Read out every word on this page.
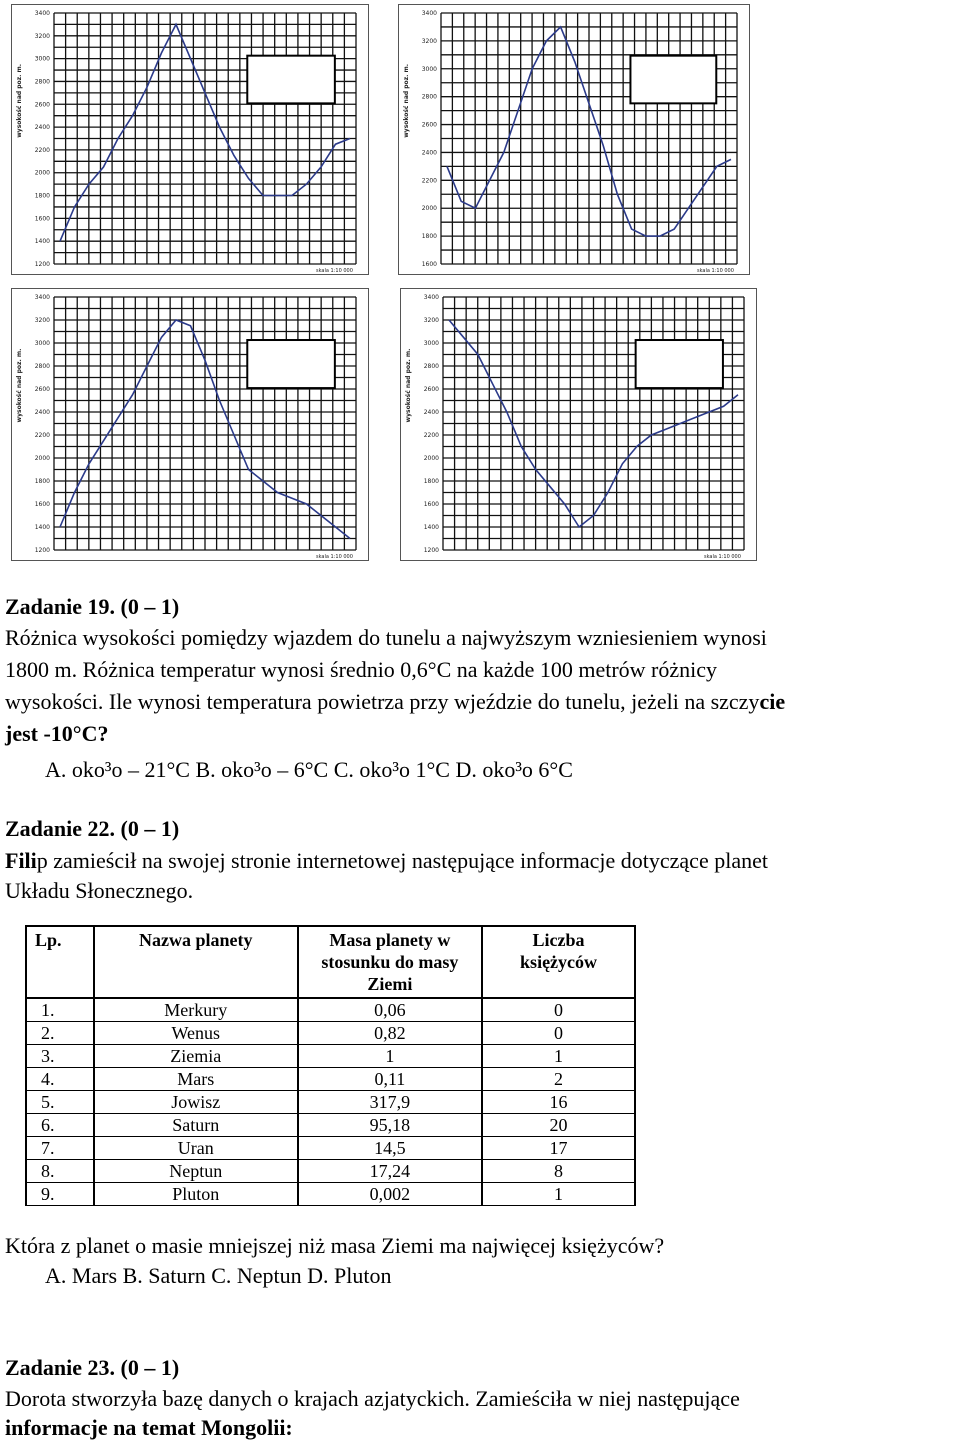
3400
3200
3000
2800
2600
2400
2200
2000
1800
1600
1400
1200
wysokość nad poz. m.
skala 1:10 000
3400
3200
3000
2800
2600
2400
2200
2000
1800
1600
wysokość nad poz. m.
skala 1:10 000
3400
3200
3000
2800
2600
2400
2200
2000
1800
1600
1400
1200
wysokość nad poz. m.
skala 1:10 000
3400
3200
3000
2800
2600
2400
2200
2000
1800
1600
1400
1200
wysokość nad poz. m.
skala 1:10 000
Zadanie 19. (0 – 1)
Różnica wysokości pomiędzy wjazdem do tunelu a najwyższym wzniesieniem wynosi
1800 m. Różnica temperatur wynosi średnio 0,6°C na każde 100 metrów różnicy
wysokości. Ile wynosi temperatura powietrza przy wjeździe do tunelu, jeżeli na szczycie
jest -10°C?
A. oko³o – 21°C B. oko³o – 6°C C. oko³o 1°C D. oko³o 6°C
Zadanie 22. (0 – 1)
Filip zamieścił na swojej stronie internetowej następujące informacje dotyczące planet
Układu Słonecznego.
Lp.	Nazwa planety	Masa planety w stosunku do masy Ziemi	Liczba księżyców
1.	Merkury	0,06	0
2.	Wenus	0,82	0
3.	Ziemia	1	1
4.	Mars	0,11	2
5.	Jowisz	317,9	16
6.	Saturn	95,18	20
7.	Uran	14,5	17
8.	Neptun	17,24	8
9.	Pluton	0,002	1
Która z planet o masie mniejszej niż masa Ziemi ma najwięcej księżyców?
A. Mars B. Saturn C. Neptun D. Pluton
Zadanie 23. (0 – 1)
Dorota stworzyła bazę danych o krajach azjatyckich. Zamieściła w niej następujące
informacje na temat Mongolii:
